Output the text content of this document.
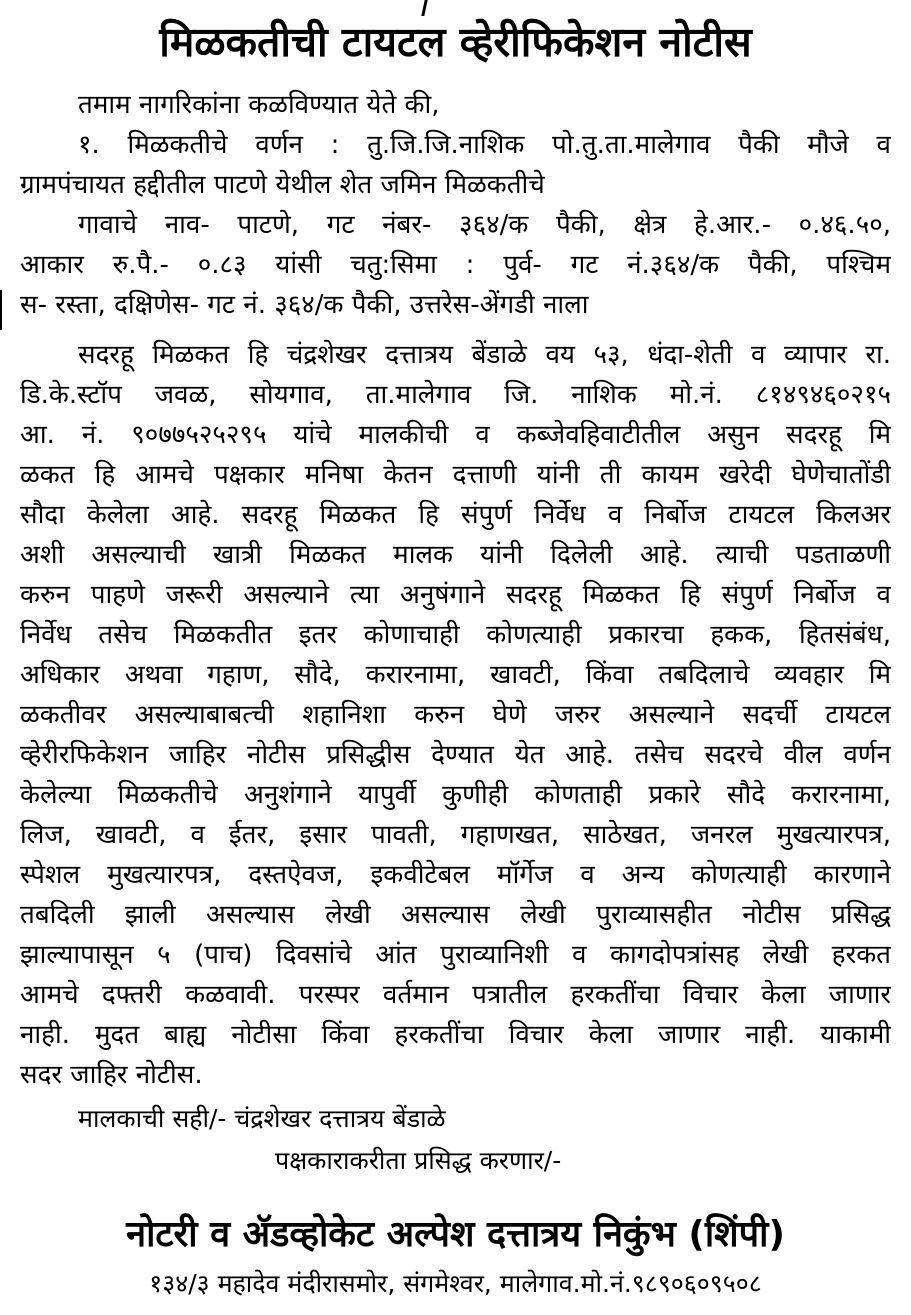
मिळकतीची टायटल व्हेरीफिकेशन नोटीस
तमाम नागरिकांना कळविण्यात येते की,
१. मिळकतीचे वर्णन : तु.जि.जि.नाशिक पो.तु.ता.मालेगाव पैकी मौजे व
ग्रामपंचायत हद्दीतील पाटणे येथील शेत जमिन मिळकतीचे
गावाचे नाव- पाटणे, गट नंबर- ३६४/क पैकी, क्षेत्र हे.आर.- ०.४६.५०,
आकार रु.पै.- ०.८३ यांसी चतु:सिमा : पुर्व- गट नं.३६४/क पैकी, पश्चिम
स- रस्ता, दक्षिणेस- गट नं. ३६४/क पैकी, उत्तरेस-अेंगडी नाला
सदरहू मिळकत हि चंद्रशेखर दत्तात्रय बेंडाळे वय ५३, धंदा-शेती व व्यापार रा.
डि.के.स्टॉप जवळ, सोयगाव, ता.मालेगाव जि. नाशिक मो.नं. ८१४९४६०२१५
आ. नं. ९०७७५२५२९५ यांचे मालकीची व कब्जेवहिवाटीतील असुन सदरहू मि
ळकत हि आमचे पक्षकार मनिषा केतन दत्ताणी यांनी ती कायम खरेदी घेणेचातोंडी
सौदा केलेला आहे. सदरहू मिळकत हि संपुर्ण निर्वेध व निर्बोज टायटल किलअर
अशी असल्याची खात्री मिळकत मालक यांनी दिलेली आहे. त्याची पडताळणी
करुन पाहणे जरूरी असल्याने त्या अनुषंगाने सदरहू मिळकत हि संपुर्ण निर्बोज व
निर्वेध तसेच मिळकतीत इतर कोणाचाही कोणत्याही प्रकारचा हकक, हितसंबंध,
अधिकार अथवा गहाण, सौदे, करारनामा, खावटी, किंवा तबदिलाचे व्यवहार मि
ळकतीवर असल्याबाबत्ची शहानिशा करुन घेणे जरुर असल्याने सदर्ची टायटल
व्हेरीरफिकेशन जाहिर नोटीस प्रसिद्धीस देण्यात येत आहे. तसेच सदरचे वील वर्णन
केलेल्या मिळकतीचे अनुशंगाने यापुर्वी कुणीही कोणताही प्रकारे सौदे करारनामा,
लिज, खावटी, व ईतर, इसार पावती, गहाणखत, साठेखत, जनरल मुखत्यारपत्र,
स्पेशल मुखत्यारपत्र, दस्तऐवज, इकवीटेबल मॉर्गेज व अन्य कोणत्याही कारणाने
तबदिली झाली असल्यास लेखी असल्यास लेखी पुराव्यासहीत नोटीस प्रसिद्ध
झाल्यापासून ५ (पाच) दिवसांचे आंत पुराव्यानिशी व कागदोपत्रांसह लेखी हरकत
आमचे दफ्तरी कळवावी. परस्पर वर्तमान पत्रातील हरकतींचा विचार केला जाणार
नाही. मुदत बाह्य नोटीसा किंवा हरकतींचा विचार केला जाणार नाही. याकामी
सदर जाहिर नोटीस.
मालकाची सही/- चंद्रशेखर दत्तात्रय बेंडाळे
पक्षकाराकरीता प्रसिद्ध करणार/-
नोटरी व ॲडव्होकेट अल्पेश दत्तात्रय निकुंभ (शिंपी)
१३४/३ महादेव मंदीरासमोर, संगमेश्वर, मालेगाव.मो.नं.९८९०६०९५०८
